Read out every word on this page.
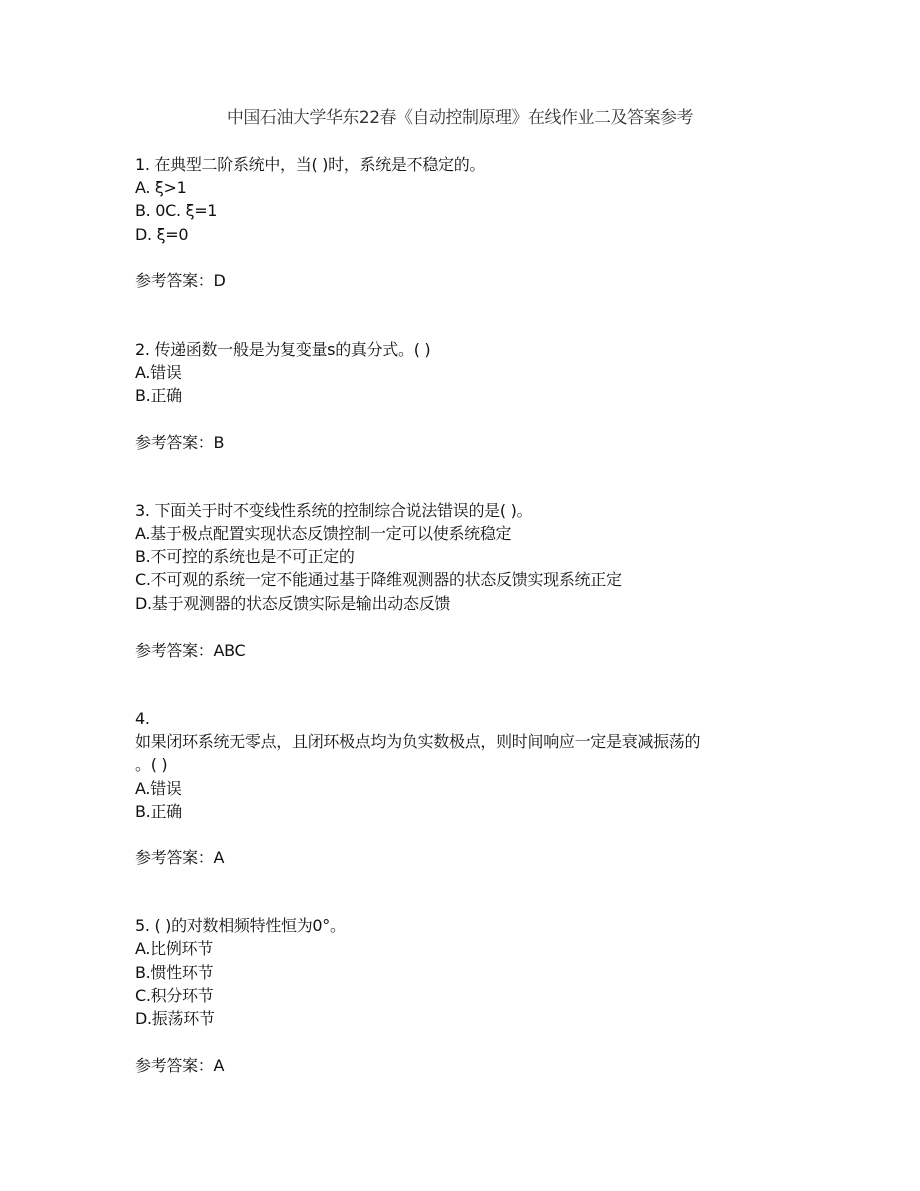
中国石油大学华东22春《自动控制原理》在线作业二及答案参考
1. 在典型二阶系统中，当( )时，系统是不稳定的。
A. ξ>1
B. 0C. ξ=1
D. ξ=0
参考答案：D
2. 传递函数一般是为复变量s的真分式。( )
A.错误
B.正确
参考答案：B
3. 下面关于时不变线性系统的控制综合说法错误的是( )。
A.基于极点配置实现状态反馈控制一定可以使系统稳定
B.不可控的系统也是不可正定的
C.不可观的系统一定不能通过基于降维观测器的状态反馈实现系统正定
D.基于观测器的状态反馈实际是输出动态反馈
参考答案：ABC
4.
如果闭环系统无零点，且闭环极点均为负实数极点，则时间响应一定是衰减振荡的
。( )
A.错误
B.正确
参考答案：A
5. ( )的对数相频特性恒为0°。
A.比例环节
B.惯性环节
C.积分环节
D.振荡环节
参考答案：A
